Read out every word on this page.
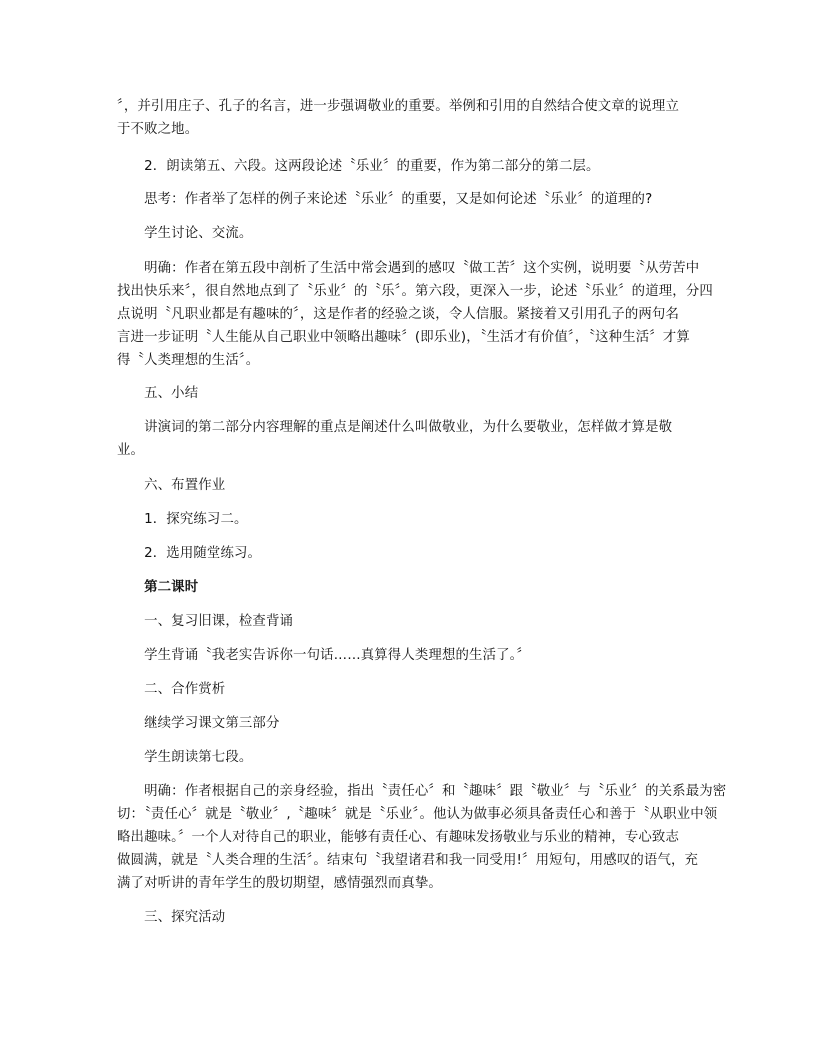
〞，并引用庄子、孔子的名言，进一步强调敬业的重要。举例和引用的自然结合使文章的说理立
于不败之地。
  2．朗读第五、六段。这两段论述〝乐业〞的重要，作为第二部分的第二层。
  思考：作者举了怎样的例子来论述〝乐业〞的重要，又是如何论述〝乐业〞的道理的?
  学生讨论、交流。
  明确：作者在第五段中剖析了生活中常会遇到的感叹〝做工苦〞这个实例，说明要〝从劳苦中
找出快乐来〞，很自然地点到了〝乐业〞的〝乐〞。第六段，更深入一步，论述〝乐业〞的道理，分四
点说明〝凡职业都是有趣味的〞，这是作者的经验之谈，令人信服。紧接着又引用孔子的两句名
言进一步证明〝人生能从自己职业中领略出趣味〞(即乐业)，〝生活才有价值〞，〝这种生活〞才算
得〝人类理想的生活〞。
  五、小结
  讲演词的第二部分内容理解的重点是阐述什么叫做敬业，为什么要敬业，怎样做才算是敬
业。
  六、布置作业
  1．探究练习二。
  2．选用随堂练习。
  第二课时
  一、复习旧课，检查背诵
  学生背诵〝我老实告诉你一句话……真算得人类理想的生活了。〞
  二、合作赏析
  继续学习课文第三部分
  学生朗读第七段。
  明确：作者根据自己的亲身经验，指出〝责任心〞和〝趣味〞跟〝敬业〞与〝乐业〞的关系最为密
切：〝责任心〞就是〝敬业〞,〝趣味〞就是〝乐业〞。他认为做事必须具备责任心和善于〝从职业中领
略出趣味。〞一个人对待自己的职业，能够有责任心、有趣味发扬敬业与乐业的精神，专心致志
做圆满，就是〝人类合理的生活〞。结束句〝我望诸君和我一同受用!〞用短句，用感叹的语气，充
满了对听讲的青年学生的殷切期望，感情强烈而真挚。
  三、探究活动
